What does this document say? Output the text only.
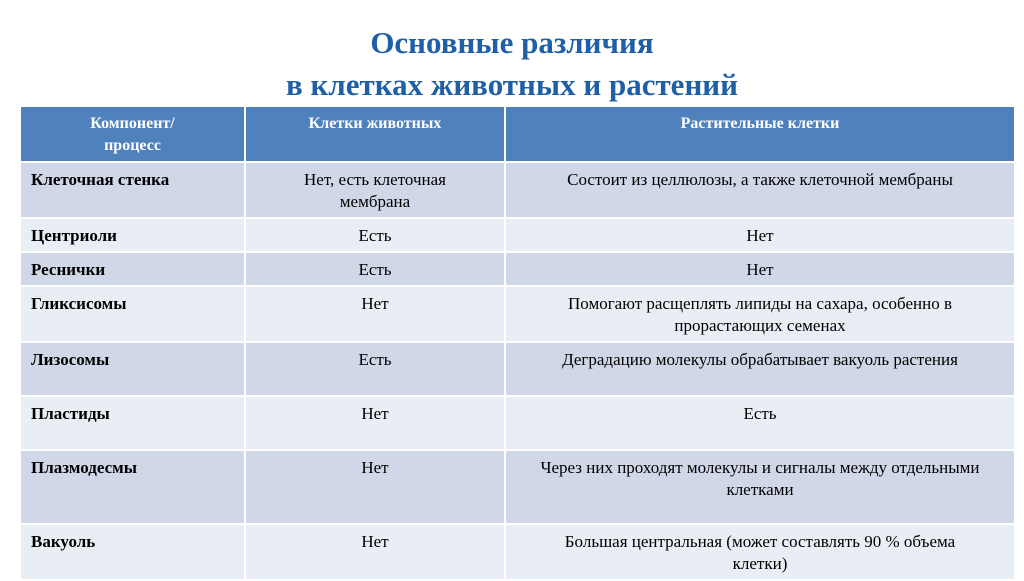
Основные различия
в клетках животных и растений
Компонент/ процесс	Клетки животных	Растительные клетки
Клеточная стенка	Нет, есть клеточная мембрана	Состоит из целлюлозы, а также клеточной мембраны
Центриоли	Есть	Нет
Реснички	Есть	Нет
Гликсисомы	Нет	Помогают расщеплять липиды на сахара, особенно в прорастающих семенах
Лизосомы	Есть	Деградацию молекулы обрабатывает вакуоль растения
Пластиды	Нет	Есть
Плазмодесмы	Нет	Через них проходят молекулы и сигналы между отдельными клетками
Вакуоль	Нет	Большая центральная (может составлять 90 % объема клетки)
